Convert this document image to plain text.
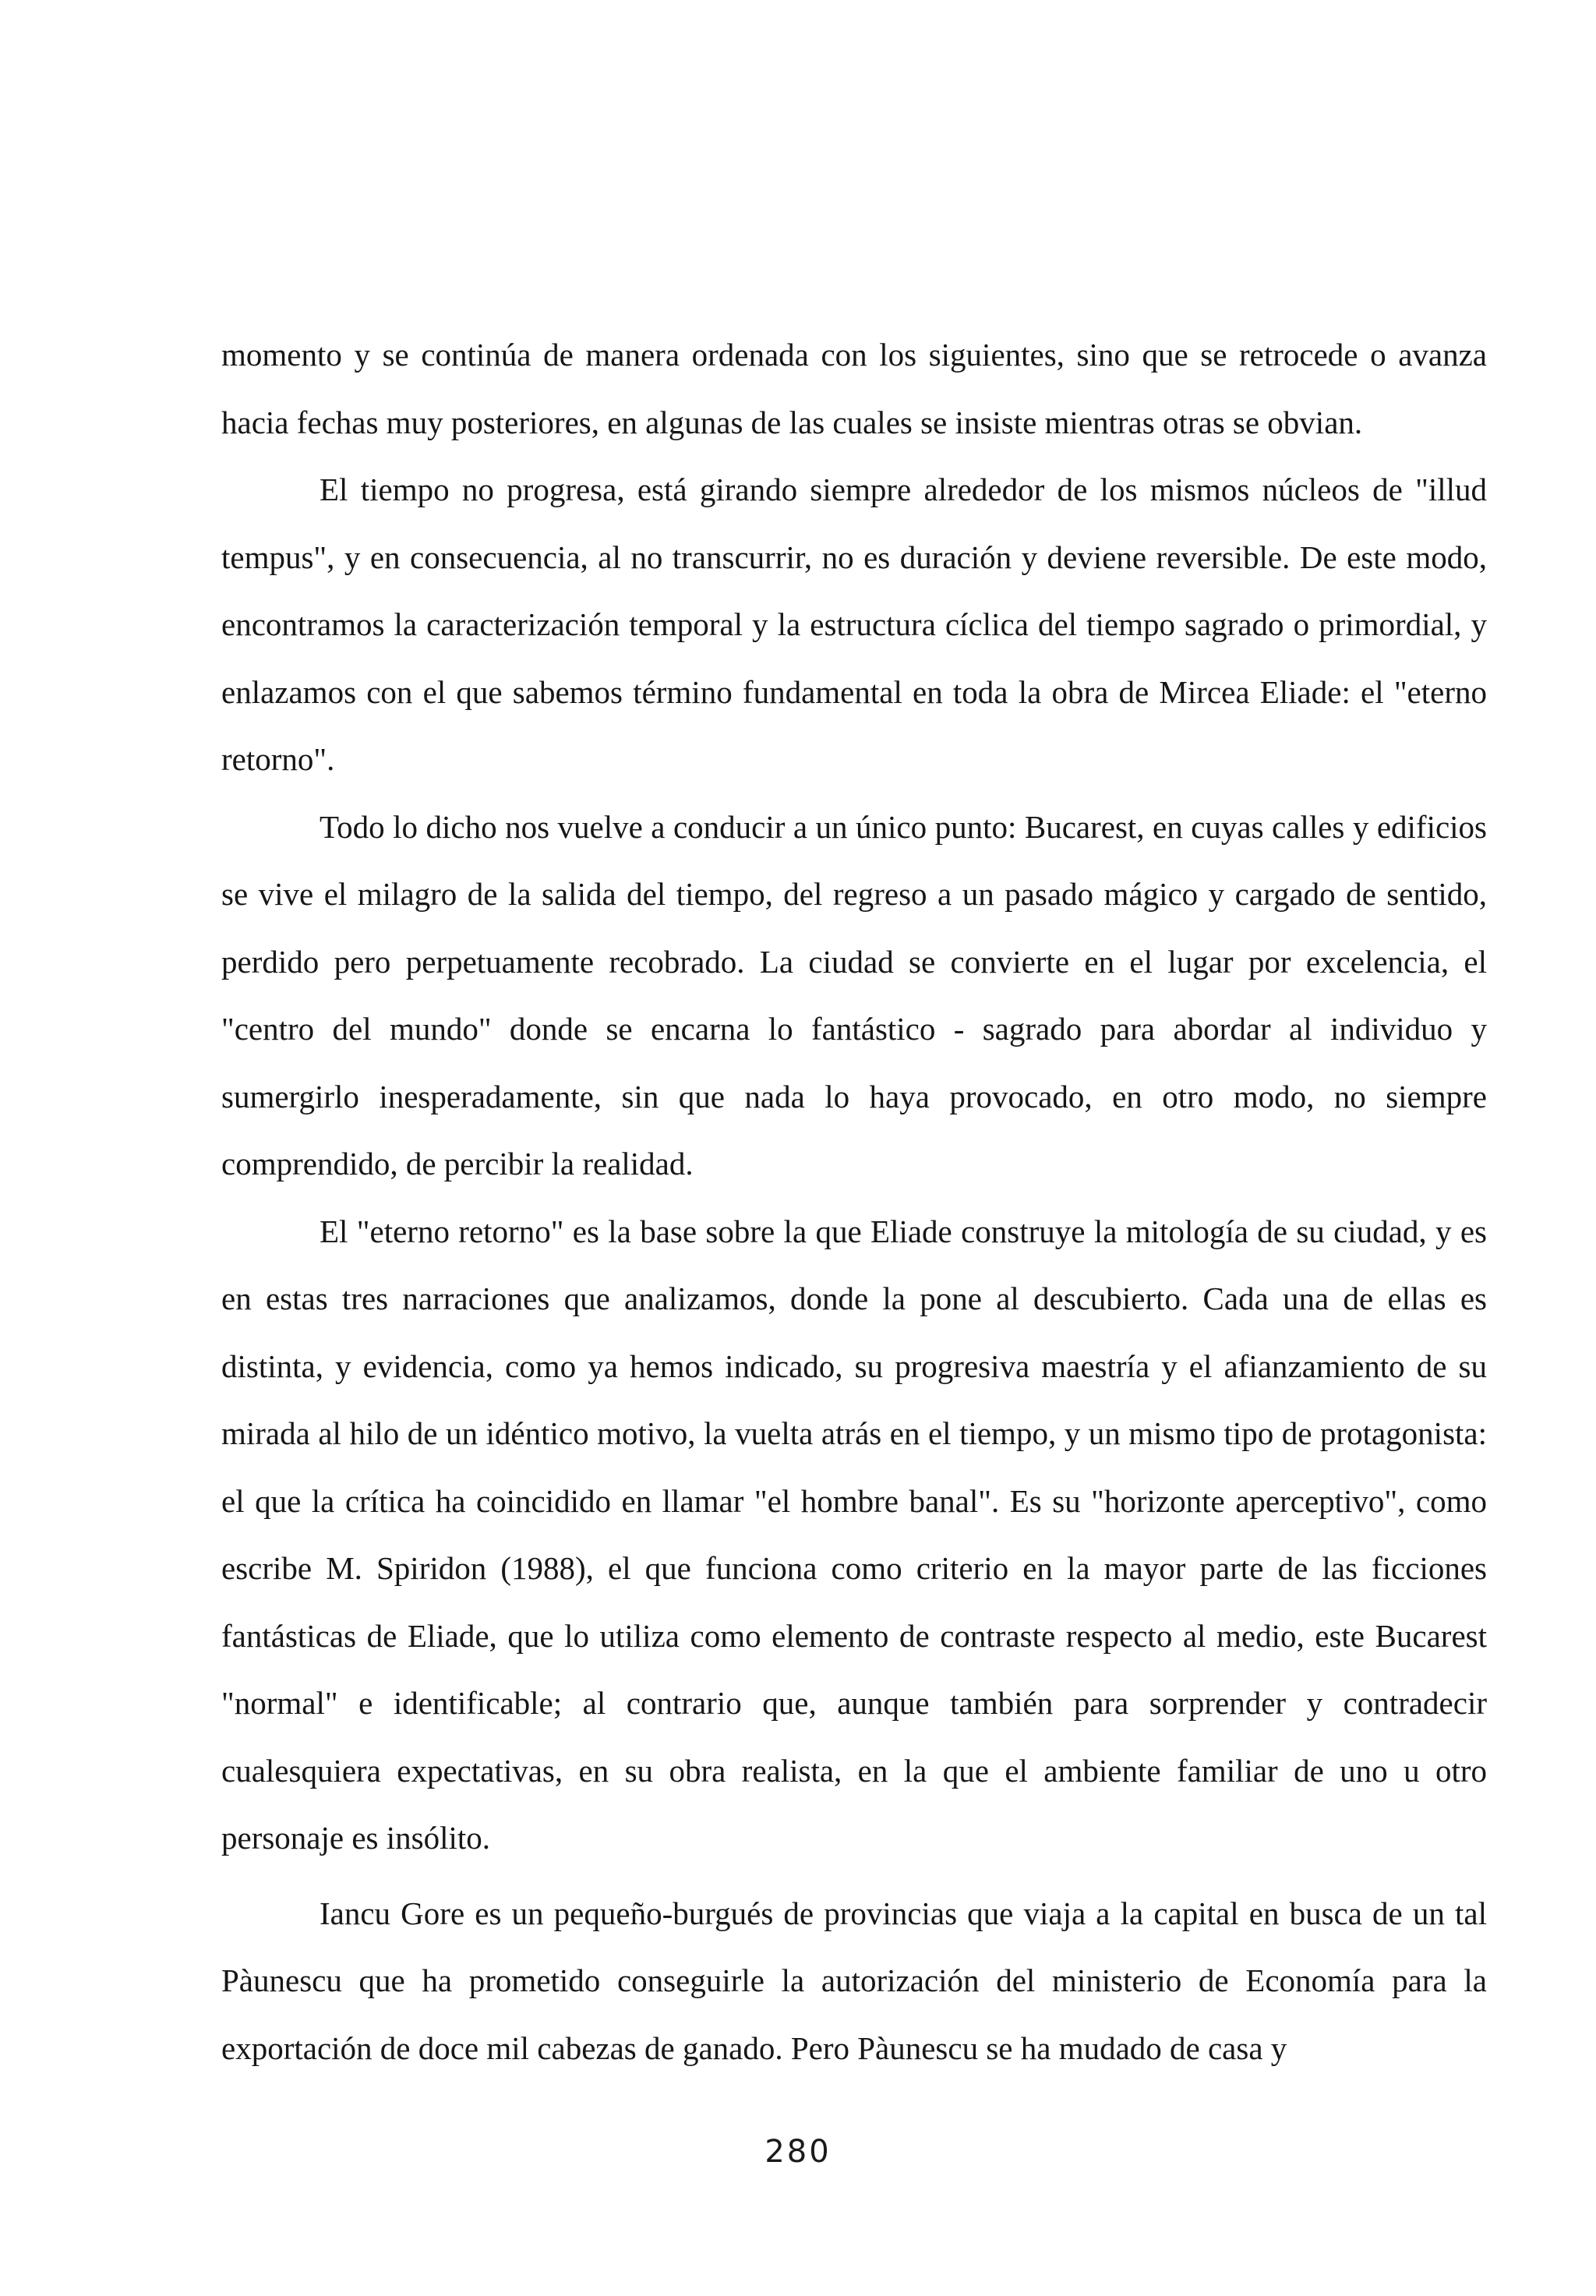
momento y se continúa de manera ordenada con los siguientes, sino que se retrocede o avanza hacia fechas muy posteriores, en algunas de las cuales se insiste mientras otras se obvian.

El tiempo no progresa, está girando siempre alrededor de los mismos núcleos de "illud tempus", y en consecuencia, al no transcurrir, no es duración y deviene reversible. De este modo, encontramos la caracterización temporal y la estructura cíclica del tiempo sagrado o primordial, y enlazamos con el que sabemos término fundamental en toda la obra de Mircea Eliade: el "eterno retorno".

Todo lo dicho nos vuelve a conducir a un único punto: Bucarest, en cuyas calles y edificios se vive el milagro de la salida del tiempo, del regreso a un pasado mágico y cargado de sentido, perdido pero perpetuamente recobrado. La ciudad se convierte en el lugar por excelencia, el "centro del mundo" donde se encarna lo fantástico - sagrado para abordar al individuo y sumergirlo inesperadamente, sin que nada lo haya provocado, en otro modo, no siempre comprendido, de percibir la realidad.

El "eterno retorno" es la base sobre la que Eliade construye la mitología de su ciudad, y es en estas tres narraciones que analizamos, donde la pone al descubierto. Cada una de ellas es distinta, y evidencia, como ya hemos indicado, su progresiva maestría y el afianzamiento de su mirada al hilo de un idéntico motivo, la vuelta atrás en el tiempo, y un mismo tipo de protagonista: el que la crítica ha coincidido en llamar "el hombre banal". Es su "horizonte aperceptivo", como escribe M. Spiridon (1988), el que funciona como criterio en la mayor parte de las ficciones fantásticas de Eliade, que lo utiliza como elemento de contraste respecto al medio, este Bucarest "normal" e identificable; al contrario que, aunque también para sorprender y contradecir cualesquiera expectativas, en su obra realista, en la que el ambiente familiar de uno u otro personaje es insólito.

Iancu Gore es un pequeño-burgués de provincias que viaja a la capital en busca de un tal Pàunescu que ha prometido conseguirle la autorización del ministerio de Economía para la exportación de doce mil cabezas de ganado. Pero Pàunescu se ha mudado de casa y

280
